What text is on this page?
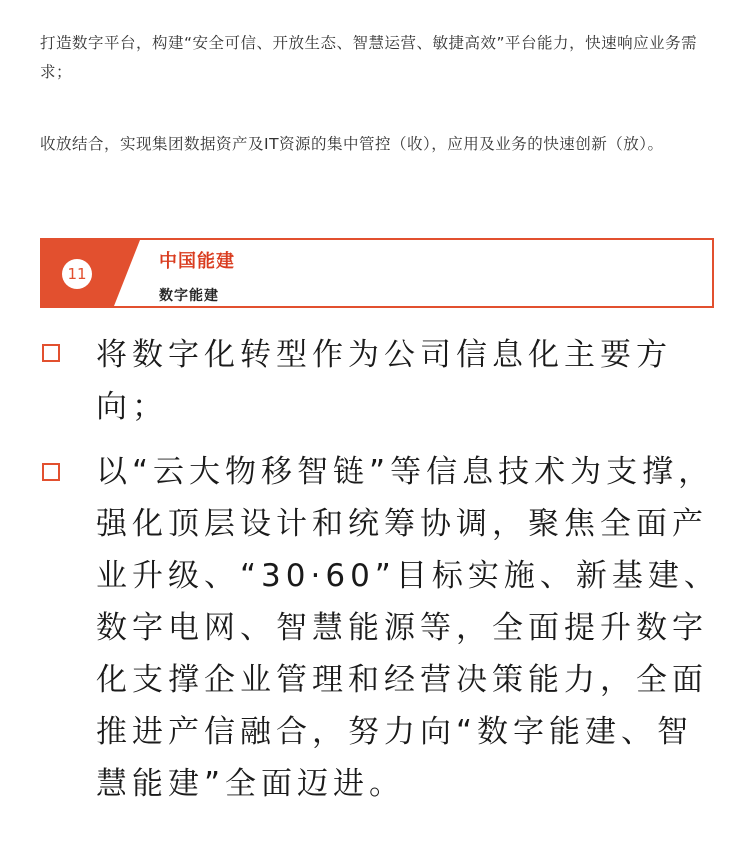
打造数字平台，构建“安全可信、开放生态、智慧运营、敏捷高效”平台能力，快速响应业务需求；
收放结合，实现集团数据资产及IT资源的集中管控（收），应用及业务的快速创新（放）。
11
中国能建
数字能建
将数字化转型作为公司信息化主要方向；
以“云大物移智链”等信息技术为支撑，强化顶层设计和统筹协调，聚焦全面产业升级、“30·60”目标实施、新基建、数字电网、智慧能源等，全面提升数字化支撑企业管理和经营决策能力，全面推进产信融合，努力向“数字能建、智慧能建”全面迈进。
